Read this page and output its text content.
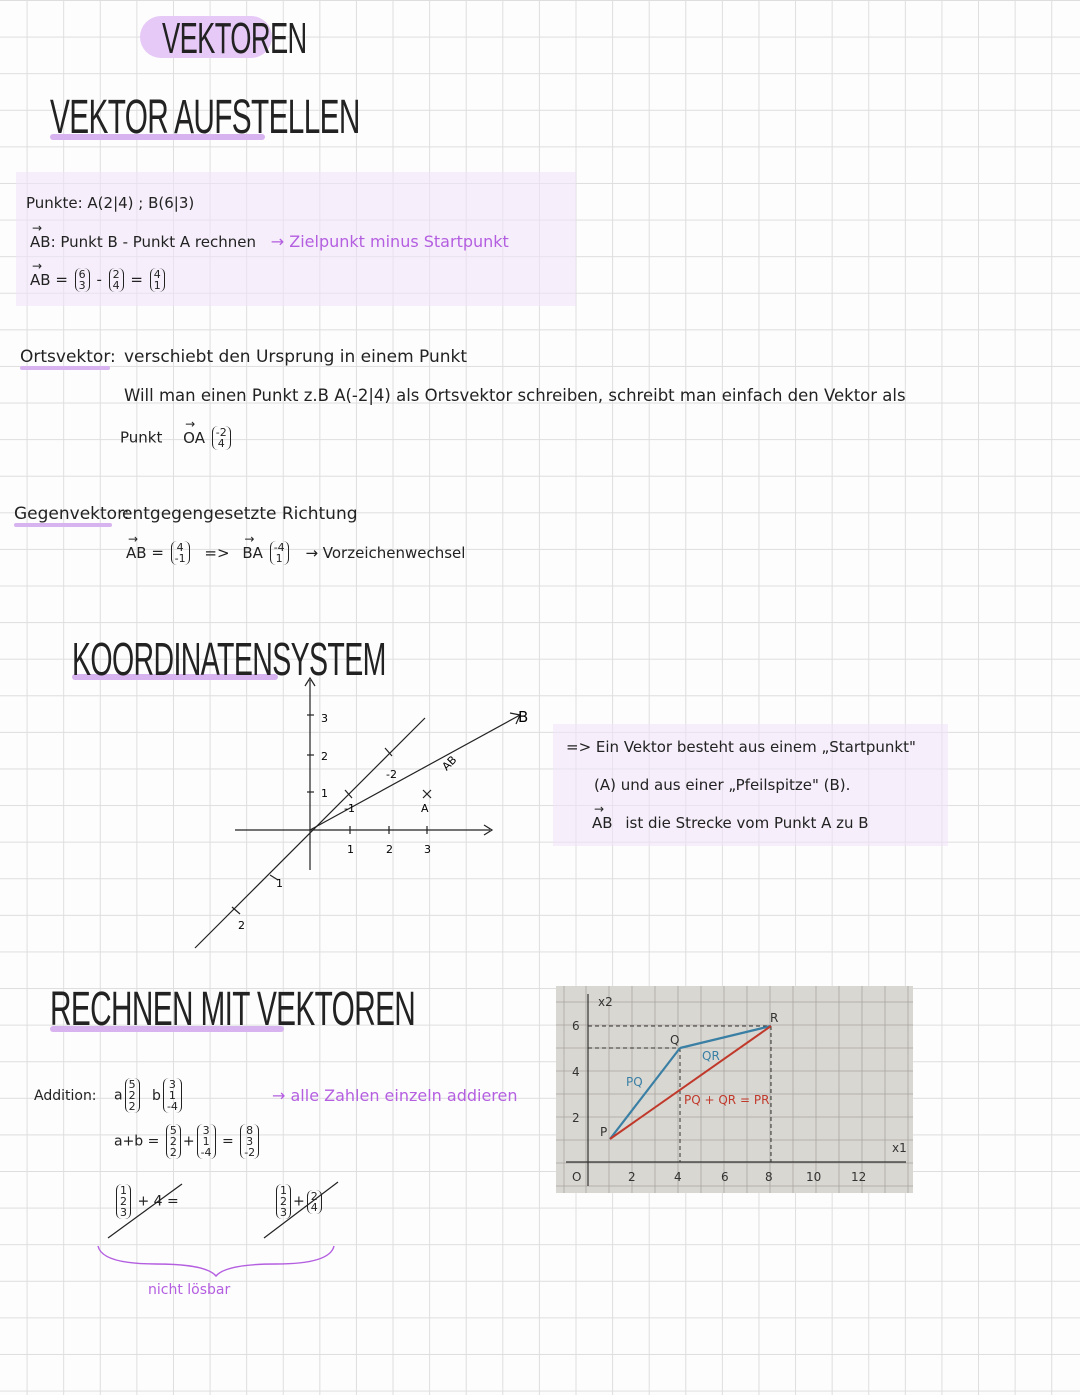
VEKTOREN
VEKTOR AUFSTELLEN
Punkte: A(2|4) ; B(6|3)
→ AB: Punkt B - Punkt A rechnen → Zielpunkt minus Startpunkt
→ AB = 6
3 - 2
4 = 4
1
Ortsvektor: verschiebt den Ursprung in einem Punkt
Will man einen Punkt z.B A(-2|4) als Ortsvektor schreiben, schreibt man einfach den Vektor als
Punkt → OA -2
4
Gegenvektor:
entgegengesetzte Richtung
→ AB = 4
-1 => → BA -4
1 → Vorzeichenwechsel
KOORDINATENSYSTEM
3
2
1
-1
1	2	3
1
2
-2
A
B
AB
=> Ein Vektor besteht aus einem „Startpunkt"
(A) und aus einer „Pfeilspitze" (B).
→ AB ist die Strecke vom Punkt A zu B
RECHNEN MIT VEKTOREN
Addition: a
5
2
2
b
3
1
-4
→ alle Zahlen einzeln addieren
a+b =
5
2
2
+
3
1
-4
=
8
3
-2
1
2
3
+ 4 =
1
2
3
+ 2
4
nicht lösbar
2	4	6	8	10 12
2
4
6
O
x2
x1
P
Q
R
PQ
QR
PQ + QR = PR
